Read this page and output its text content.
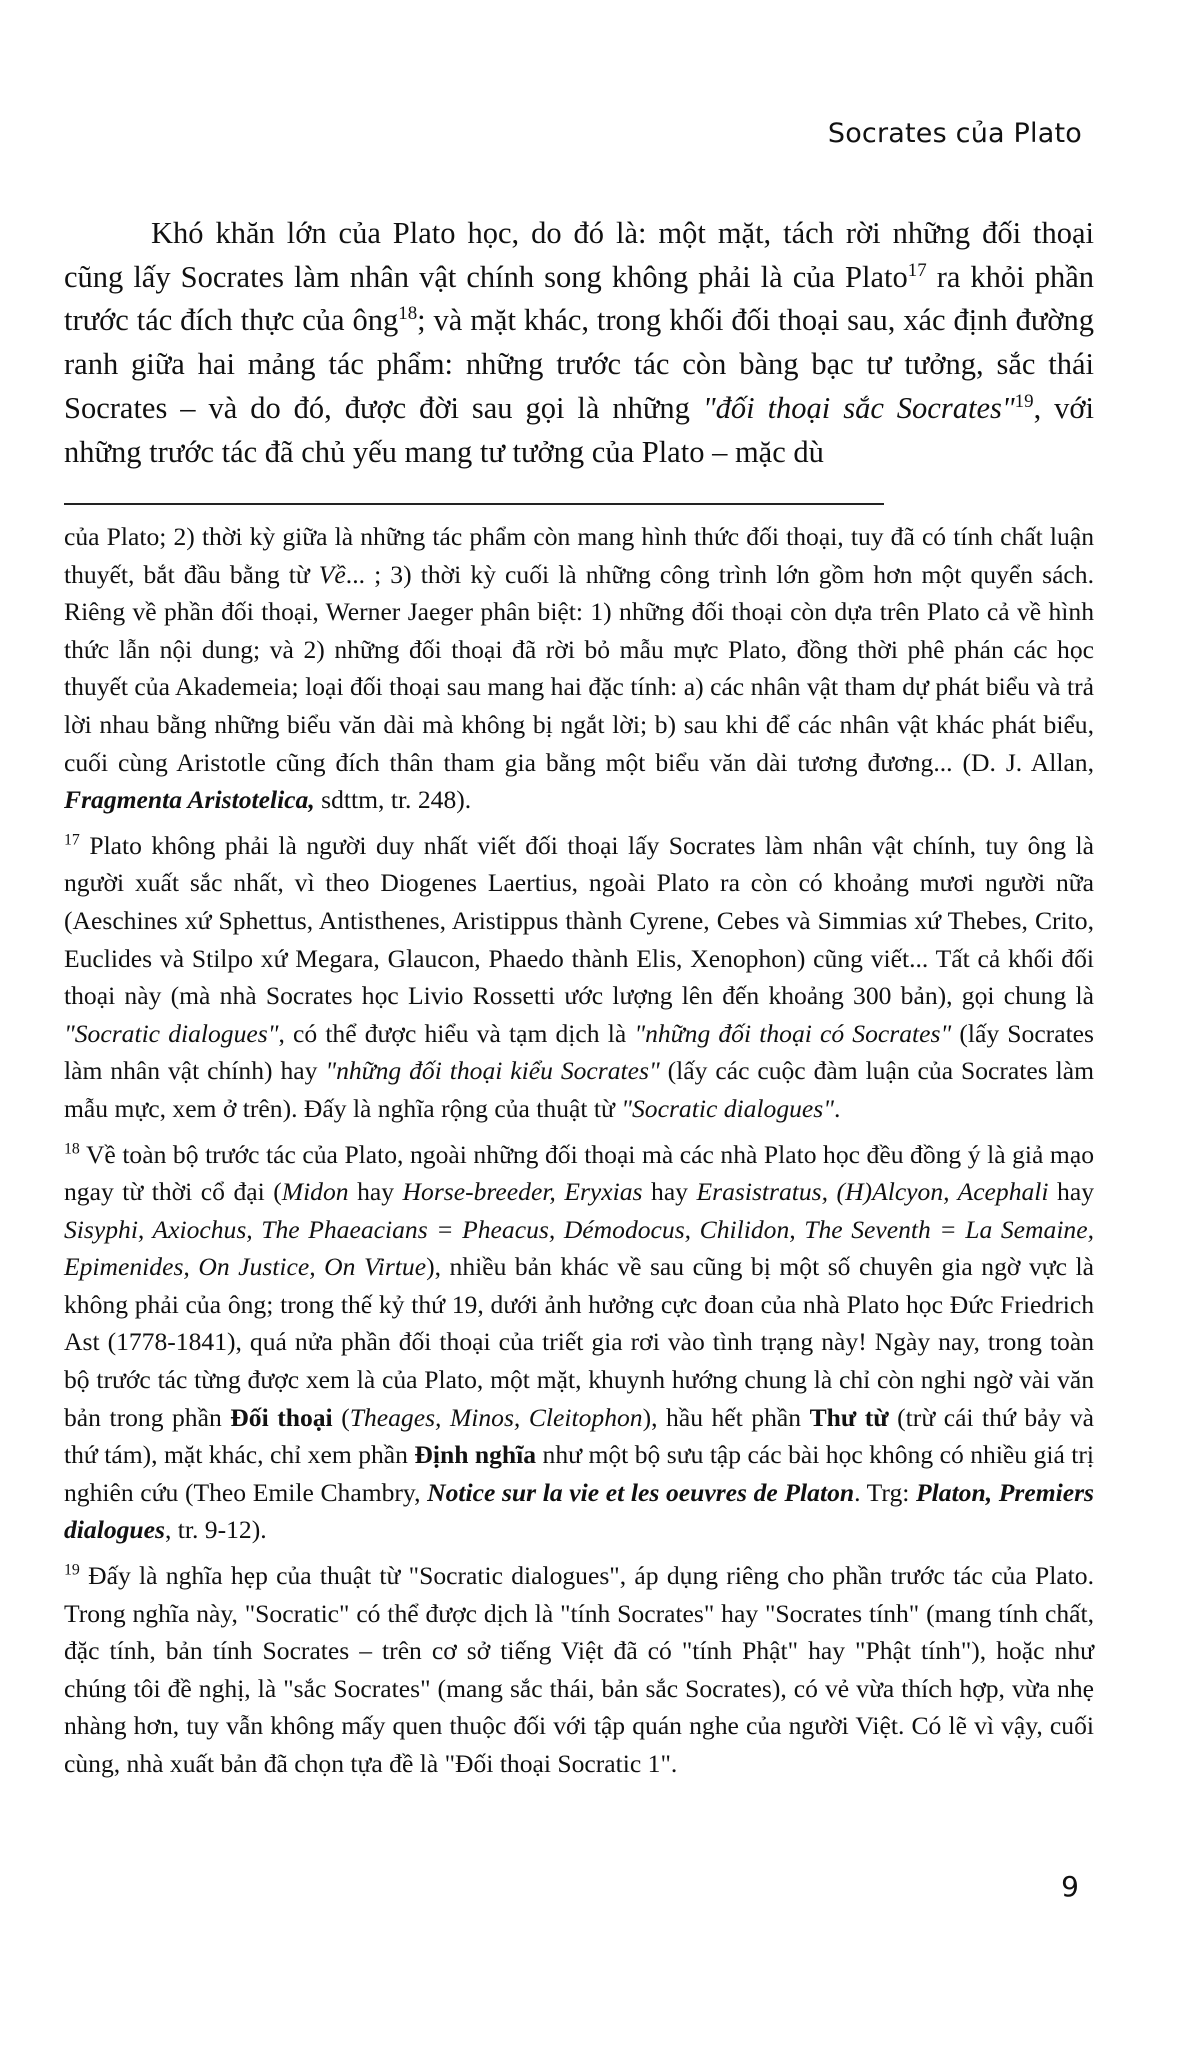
Socrates của Plato

Khó khăn lớn của Plato học, do đó là: một mặt, tách rời những đối thoại cũng lấy Socrates làm nhân vật chính song không phải là của Plato$^{17}$ ra khỏi phần trước tác đích thực của ông$^{18}$; và mặt khác, trong khối đối thoại sau, xác định đường ranh giữa hai mảng tác phẩm: những trước tác còn bàng bạc tư tưởng, sắc thái Socrates – và do đó, được đời sau gọi là những "đối thoại sắc Socrates"$^{19}$, với những trước tác đã chủ yếu mang tư tưởng của Plato – mặc dù

của Plato; 2) thời kỳ giữa là những tác phẩm còn mang hình thức đối thoại, tuy đã có tính chất luận thuyết, bắt đầu bằng từ Về... ; 3) thời kỳ cuối là những công trình lớn gồm hơn một quyển sách. Riêng về phần đối thoại, Werner Jaeger phân biệt: 1) những đối thoại còn dựa trên Plato cả về hình thức lẫn nội dung; và 2) những đối thoại đã rời bỏ mẫu mực Plato, đồng thời phê phán các học thuyết của Akademeia; loại đối thoại sau mang hai đặc tính: a) các nhân vật tham dự phát biểu và trả lời nhau bằng những biểu văn dài mà không bị ngắt lời; b) sau khi để các nhân vật khác phát biểu, cuối cùng Aristotle cũng đích thân tham gia bằng một biểu văn dài tương đương... (D. J. Allan, Fragmenta Aristotelica, sdttm, tr. 248).

$^{17}$ Plato không phải là người duy nhất viết đối thoại lấy Socrates làm nhân vật chính, tuy ông là người xuất sắc nhất, vì theo Diogenes Laertius, ngoài Plato ra còn có khoảng mươi người nữa (Aeschines xứ Sphettus, Antisthenes, Aristippus thành Cyrene, Cebes và Simmias xứ Thebes, Crito, Euclides và Stilpo xứ Megara, Glaucon, Phaedo thành Elis, Xenophon) cũng viết... Tất cả khối đối thoại này (mà nhà Socrates học Livio Rossetti ước lượng lên đến khoảng 300 bản), gọi chung là "Socratic dialogues", có thể được hiểu và tạm dịch là "những đối thoại có Socrates" (lấy Socrates làm nhân vật chính) hay "những đối thoại kiểu Socrates" (lấy các cuộc đàm luận của Socrates làm mẫu mực, xem ở trên). Đấy là nghĩa rộng của thuật từ "Socratic dialogues".

$^{18}$ Về toàn bộ trước tác của Plato, ngoài những đối thoại mà các nhà Plato học đều đồng ý là giả mạo ngay từ thời cổ đại (Midon hay Horse-breeder, Eryxias hay Erasistratus, (H)Alcyon, Acephali hay Sisyphi, Axiochus, The Phaeacians = Pheacus, Démodocus, Chilidon, The Seventh = La Semaine, Epimenides, On Justice, On Virtue), nhiều bản khác về sau cũng bị một số chuyên gia ngờ vực là không phải của ông; trong thế kỷ thứ 19, dưới ảnh hưởng cực đoan của nhà Plato học Đức Friedrich Ast (1778-1841), quá nửa phần đối thoại của triết gia rơi vào tình trạng này! Ngày nay, trong toàn bộ trước tác từng được xem là của Plato, một mặt, khuynh hướng chung là chỉ còn nghi ngờ vài văn bản trong phần Đối thoại (Theages, Minos, Cleitophon), hầu hết phần Thư từ (trừ cái thứ bảy và thứ tám), mặt khác, chỉ xem phần Định nghĩa như một bộ sưu tập các bài học không có nhiều giá trị nghiên cứu (Theo Emile Chambry, Notice sur la vie et les oeuvres de Platon. Trg: Platon, Premiers dialogues, tr. 9-12).

$^{19}$ Đấy là nghĩa hẹp của thuật từ "Socratic dialogues", áp dụng riêng cho phần trước tác của Plato. Trong nghĩa này, "Socratic" có thể được dịch là "tính Socrates" hay "Socrates tính" (mang tính chất, đặc tính, bản tính Socrates – trên cơ sở tiếng Việt đã có "tính Phật" hay "Phật tính"), hoặc như chúng tôi đề nghị, là "sắc Socrates" (mang sắc thái, bản sắc Socrates), có vẻ vừa thích hợp, vừa nhẹ nhàng hơn, tuy vẫn không mấy quen thuộc đối với tập quán nghe của người Việt. Có lẽ vì vậy, cuối cùng, nhà xuất bản đã chọn tựa đề là "Đối thoại Socratic 1".

9
